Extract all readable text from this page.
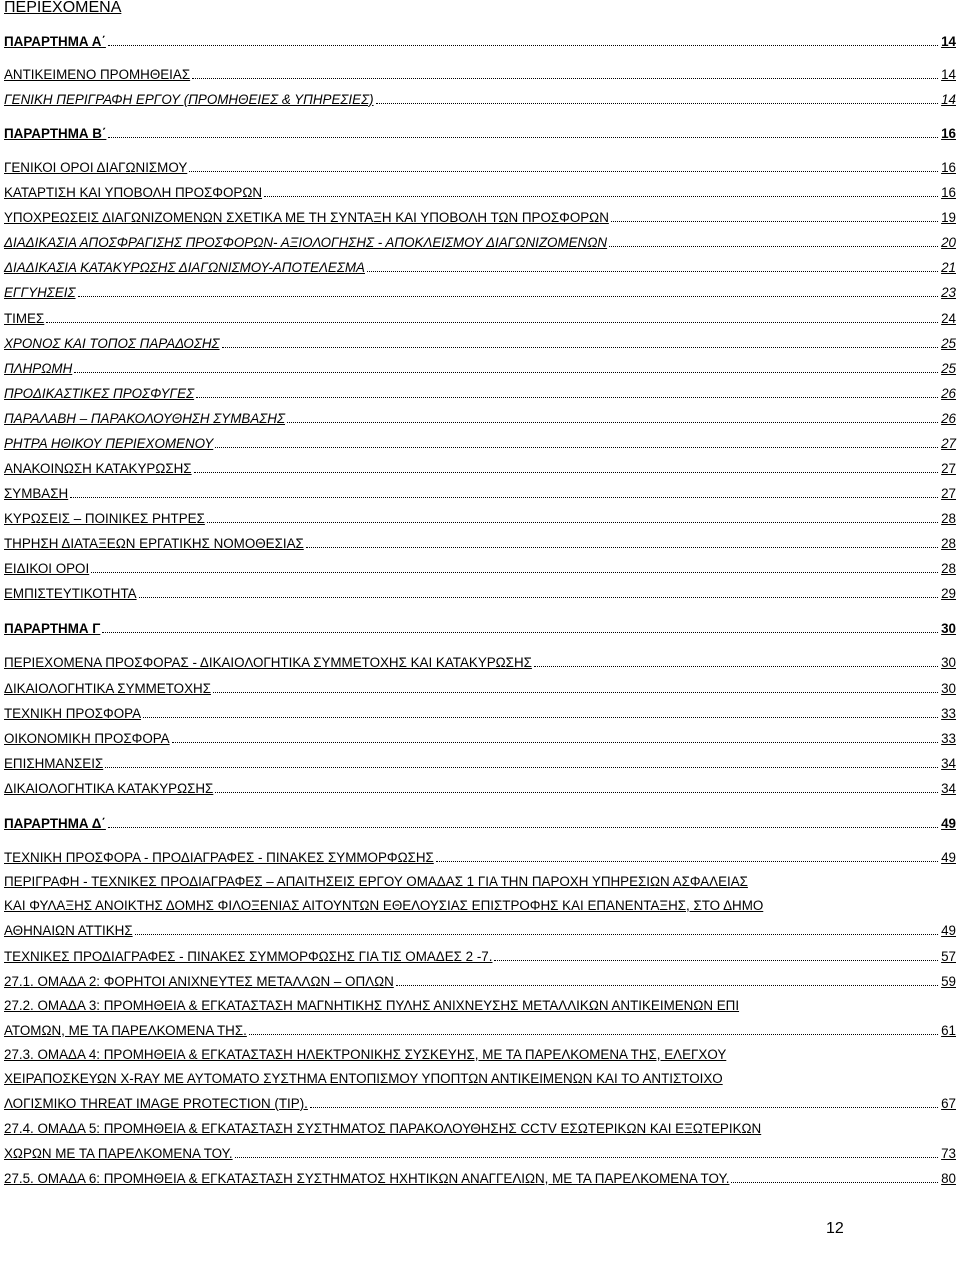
ΠΕΡΙΕΧΟΜΕΝΑ
ΠΑΡΑΡΤΗΜΑ Α΄	14
ΑΝΤΙΚΕΙΜΕΝΟ ΠΡΟΜΗΘΕΙΑΣ	14
ΓΕΝΙΚΗ ΠΕΡΙΓΡΑΦΗ ΕΡΓΟΥ (ΠΡΟΜΗΘΕΙΕΣ & ΥΠΗΡΕΣΙΕΣ)	14
ΠΑΡΑΡΤΗΜΑ Β΄	16
ΓΕΝΙΚΟΙ ΟΡΟΙ ΔΙΑΓΩΝΙΣΜΟΥ	16
ΚΑΤΑΡΤΙΣΗ ΚΑΙ ΥΠΟΒΟΛΗ ΠΡΟΣΦΟΡΩΝ	16
ΥΠΟΧΡΕΩΣΕΙΣ ΔΙΑΓΩΝΙΖΟΜΕΝΩΝ ΣΧΕΤΙΚΑ ΜΕ ΤΗ ΣΥΝΤΑΞΗ ΚΑΙ ΥΠΟΒΟΛΗ ΤΩΝ ΠΡΟΣΦΟΡΩΝ	19
ΔΙΑΔΙΚΑΣΙΑ ΑΠΟΣΦΡΑΓΙΣΗΣ ΠΡΟΣΦΟΡΩΝ- ΑΞΙΟΛΟΓΗΣΗΣ - ΑΠΟΚΛΕΙΣΜΟΥ ΔΙΑΓΩΝΙΖΟΜΕΝΩΝ	20
ΔΙΑΔΙΚΑΣΙΑ ΚΑΤΑΚΥΡΩΣΗΣ ΔΙΑΓΩΝΙΣΜΟΥ-ΑΠΟΤΕΛΕΣΜΑ	21
ΕΓΓΥΗΣΕΙΣ	23
ΤΙΜΕΣ	24
ΧΡΟΝΟΣ ΚΑΙ ΤΟΠΟΣ ΠΑΡΑΔΟΣΗΣ	25
ΠΛΗΡΩΜΗ	25
ΠΡΟΔΙΚΑΣΤΙΚΕΣ ΠΡΟΣΦΥΓΕΣ	26
ΠΑΡΑΛΑΒΗ – ΠΑΡΑΚΟΛΟΥΘΗΣΗ ΣΥΜΒΑΣΗΣ	26
ΡΗΤΡΑ ΗΘΙΚΟΥ ΠΕΡΙΕΧΟΜΕΝΟΥ	27
ΑΝΑΚΟΙΝΩΣΗ ΚΑΤΑΚΥΡΩΣΗΣ	27
ΣΥΜΒΑΣΗ	27
ΚΥΡΩΣΕΙΣ – ΠΟΙΝΙΚΕΣ ΡΗΤΡΕΣ	28
ΤΗΡΗΣΗ ΔΙΑΤΑΞΕΩΝ ΕΡΓΑΤΙΚΗΣ ΝΟΜΟΘΕΣΙΑΣ	28
ΕΙΔΙΚΟΙ ΟΡΟΙ	28
ΕΜΠΙΣΤΕΥΤΙΚΟΤΗΤΑ	29
ΠΑΡΑΡΤΗΜΑ Γ	30
ΠΕΡΙΕΧΟΜΕΝΑ ΠΡΟΣΦΟΡΑΣ - ΔΙΚΑΙΟΛΟΓΗΤΙΚΑ ΣΥΜΜΕΤΟΧΗΣ ΚΑΙ ΚΑΤΑΚΥΡΩΣΗΣ	30
ΔΙΚΑΙΟΛΟΓΗΤΙΚΑ ΣΥΜΜΕΤΟΧΗΣ	30
ΤΕΧΝΙΚΗ ΠΡΟΣΦΟΡΑ	33
ΟΙΚΟΝΟΜΙΚΗ ΠΡΟΣΦΟΡΑ	33
ΕΠΙΣΗΜΑΝΣΕΙΣ	34
ΔΙΚΑΙΟΛΟΓΗΤΙΚΑ ΚΑΤΑΚΥΡΩΣΗΣ	34
ΠΑΡΑΡΤΗΜΑ Δ΄	49
ΤΕΧΝΙΚΗ ΠΡΟΣΦΟΡΑ - ΠΡΟΔΙΑΓΡΑΦΕΣ - ΠΙΝΑΚΕΣ ΣΥΜΜΟΡΦΩΣΗΣ	49
ΠΕΡΙΓΡΑΦΗ - ΤΕΧΝΙΚΕΣ ΠΡΟΔΙΑΓΡΑΦΕΣ – ΑΠΑΙΤΗΣΕΙΣ ΕΡΓΟΥ ΟΜΑΔΑΣ 1 ΓΙΑ ΤΗΝ ΠΑΡΟΧΗ ΥΠΗΡΕΣΙΩΝ ΑΣΦΑΛΕΙΑΣ
ΚΑΙ ΦΥΛΑΞΗΣ ΑΝΟΙΚΤΗΣ ΔΟΜΗΣ ΦΙΛΟΞΕΝΙΑΣ ΑΙΤΟΥΝΤΩΝ ΕΘΕΛΟΥΣΙΑΣ ΕΠΙΣΤΡΟΦΗΣ ΚΑΙ ΕΠΑΝΕΝΤΑΞΗΣ, ΣΤΟ ΔΗΜΟ
ΑΘΗΝΑΙΩΝ ΑΤΤΙΚΗΣ	49
ΤΕΧΝΙΚΕΣ ΠΡΟΔΙΑΓΡΑΦΕΣ - ΠΙΝΑΚΕΣ ΣΥΜΜΟΡΦΩΣΗΣ ΓΙΑ ΤΙΣ ΟΜΑΔΕΣ 2 -7.	57
27.1. ΟΜΑΔΑ 2: ΦΟΡΗΤΟΙ ΑΝΙΧΝΕΥΤΕΣ ΜΕΤΑΛΛΩΝ – ΟΠΛΩΝ	59
27.2. ΟΜΑΔΑ 3: ΠΡΟΜΗΘΕΙΑ & ΕΓΚΑΤΑΣΤΑΣΗ ΜΑΓΝΗΤΙΚΗΣ ΠΥΛΗΣ ΑΝΙΧΝΕΥΣΗΣ ΜΕΤΑΛΛΙΚΩΝ ΑΝΤΙΚΕΙΜΕΝΩΝ ΕΠΙ
ΑΤΟΜΩΝ, ΜΕ ΤΑ ΠΑΡΕΛΚΟΜΕΝΑ ΤΗΣ.	61
27.3. ΟΜΑΔΑ 4: ΠΡΟΜΗΘΕΙΑ & ΕΓΚΑΤΑΣΤΑΣΗ ΗΛΕΚΤΡΟΝΙΚΗΣ ΣΥΣΚΕΥΗΣ, ΜΕ ΤΑ ΠΑΡΕΛΚΟΜΕΝΑ ΤΗΣ, ΕΛΕΓΧΟΥ
ΧΕΙΡΑΠΟΣΚΕΥΩΝ X-RAY ΜΕ ΑΥΤΟΜΑΤΟ ΣΥΣΤΗΜΑ ΕΝΤΟΠΙΣΜΟΥ ΥΠΟΠΤΩΝ ΑΝΤΙΚΕΙΜΕΝΩΝ ΚΑΙ ΤΟ ΑΝΤΙΣΤΟΙΧΟ
ΛΟΓΙΣΜΙΚΟ THREAT IMAGE PROTECTION (TIP).	67
27.4. ΟΜΑΔΑ 5: ΠΡΟΜΗΘΕΙΑ & ΕΓΚΑΤΑΣΤΑΣΗ ΣΥΣΤΗΜΑΤΟΣ ΠΑΡΑΚΟΛΟΥΘΗΣΗΣ CCTV ΕΣΩΤΕΡΙΚΩΝ ΚΑΙ ΕΞΩΤΕΡΙΚΩΝ
ΧΩΡΩΝ ΜΕ ΤΑ ΠΑΡΕΛΚΟΜΕΝΑ ΤΟΥ.	73
27.5. ΟΜΑΔΑ 6: ΠΡΟΜΗΘΕΙΑ & ΕΓΚΑΤΑΣΤΑΣΗ ΣΥΣΤΗΜΑΤΟΣ ΗΧΗΤΙΚΩΝ ΑΝΑΓΓΕΛΙΩΝ, ΜΕ ΤΑ ΠΑΡΕΛΚΟΜΕΝΑ ΤΟΥ.	80
12
